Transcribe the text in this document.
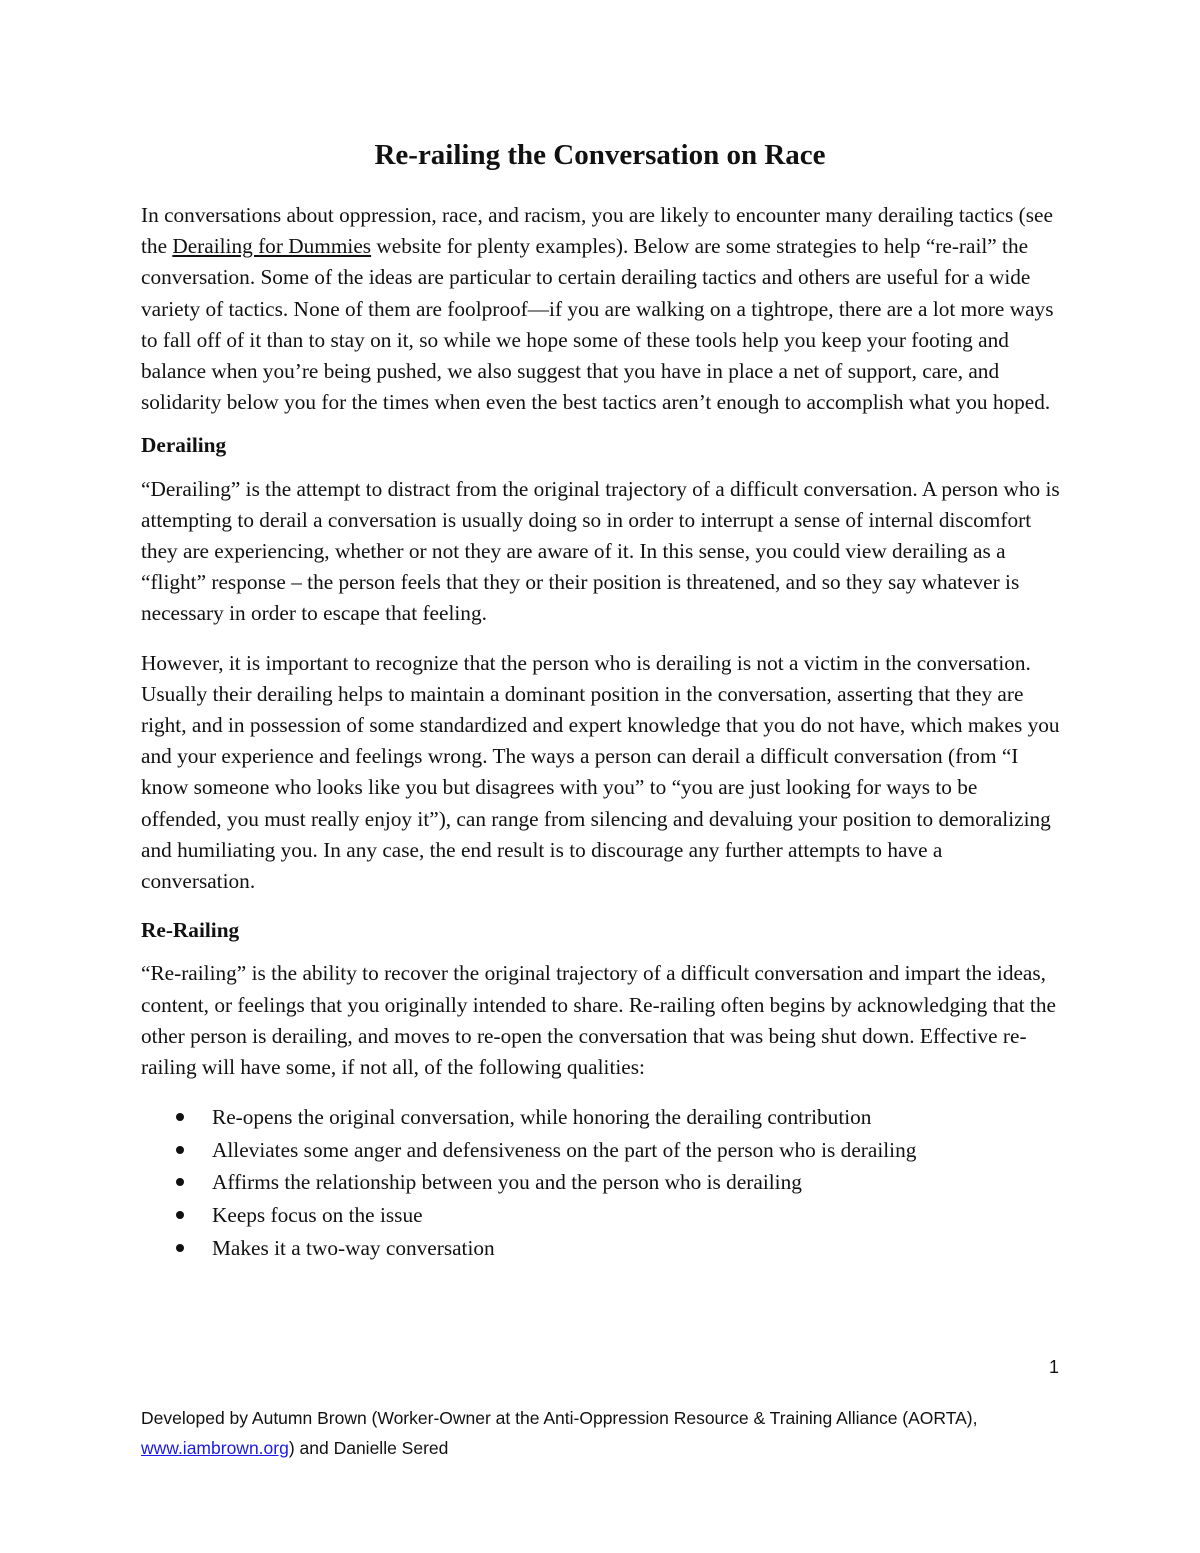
Re-railing the Conversation on Race

In conversations about oppression, race, and racism, you are likely to encounter many derailing tactics (see the Derailing for Dummies website for plenty examples). Below are some strategies to help “re-rail” the conversation. Some of the ideas are particular to certain derailing tactics and others are useful for a wide variety of tactics. None of them are foolproof—if you are walking on a tightrope, there are a lot more ways to fall off of it than to stay on it, so while we hope some of these tools help you keep your footing and balance when you’re being pushed, we also suggest that you have in place a net of support, care, and solidarity below you for the times when even the best tactics aren’t enough to accomplish what you hoped.

Derailing

“Derailing” is the attempt to distract from the original trajectory of a difficult conversation. A person who is attempting to derail a conversation is usually doing so in order to interrupt a sense of internal discomfort they are experiencing, whether or not they are aware of it. In this sense, you could view derailing as a “flight” response – the person feels that they or their position is threatened, and so they say whatever is necessary in order to escape that feeling.

However, it is important to recognize that the person who is derailing is not a victim in the conversation. Usually their derailing helps to maintain a dominant position in the conversation, asserting that they are right, and in possession of some standardized and expert knowledge that you do not have, which makes you and your experience and feelings wrong. The ways a person can derail a difficult conversation (from “I know someone who looks like you but disagrees with you” to “you are just looking for ways to be offended, you must really enjoy it”), can range from silencing and devaluing your position to demoralizing and humiliating you. In any case, the end result is to discourage any further attempts to have a conversation.

Re-Railing

“Re-railing” is the ability to recover the original trajectory of a difficult conversation and impart the ideas, content, or feelings that you originally intended to share. Re-railing often begins by acknowledging that the other person is derailing, and moves to re-open the conversation that was being shut down. Effective re-railing will have some, if not all, of the following qualities:

Re-opens the original conversation, while honoring the derailing contribution
Alleviates some anger and defensiveness on the part of the person who is derailing
Affirms the relationship between you and the person who is derailing
Keeps focus on the issue
Makes it a two-way conversation
1
Developed by Autumn Brown (Worker-Owner at the Anti-Oppression Resource & Training Alliance (AORTA), www.iambrown.org) and Danielle Sered
